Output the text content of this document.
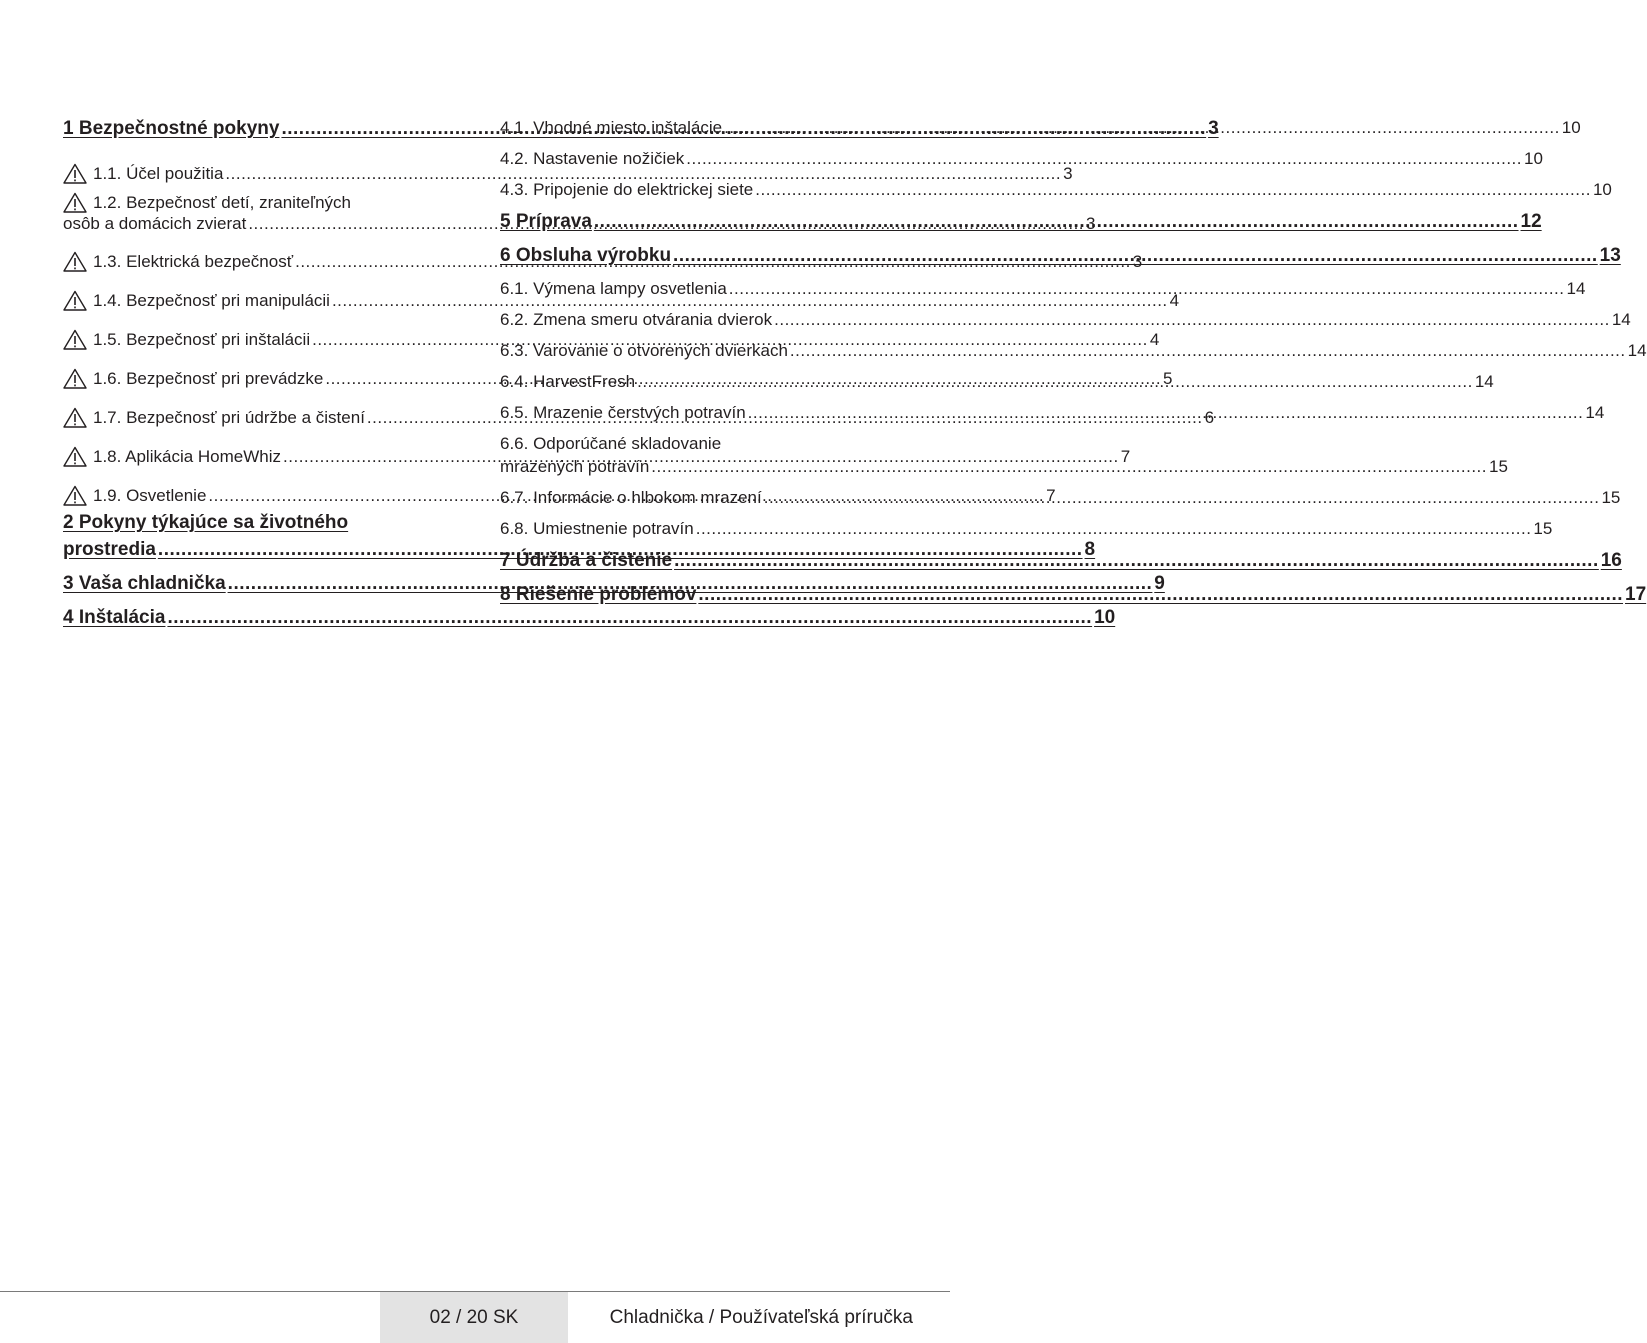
1 Bezpečnostné pokyny .....	3
1.1. Účel použitia .....	3
1.2. Bezpečnosť detí, zraniteľných
osôb a domácich zvierat .....	3
1.3. Elektrická bezpečnosť .....	3
1.4. Bezpečnosť pri manipulácii .....	4
1.5. Bezpečnosť pri inštalácii .....	4
1.6. Bezpečnosť pri prevádzke .....	5
1.7. Bezpečnosť pri údržbe a čistení .....	6
1.8. Aplikácia HomeWhiz .....	7
1.9. Osvetlenie .....	7
2 Pokyny týkajúce sa životného
prostredia .....	8
3 Vaša chladnička .....	9
4 Inštalácia .....	10
4.1. Vhodné miesto inštalácie .....	10
4.2. Nastavenie nožičiek .....	10
4.3. Pripojenie do elektrickej siete .....	10
5 Príprava .....	12
6 Obsluha výrobku .....	13
6.1. Výmena lampy osvetlenia .....	14
6.2. Zmena smeru otvárania dvierok .....	14
6.3. Varovanie o otvorených dvierkach .....	14
6.4. HarvestFresh .....	14
6.5. Mrazenie čerstvých potravín .....	14
6.6. Odporúčané skladovanie
mrazených potravín .....	15
6.7. Informácie o hlbokom mrazení .....	15
6.8. Umiestnenie potravín .....	15
7 Údržba a čistenie .....	16
8 Riešenie problémov .....	17
02 / 20 SK	Chladnička / Používateľská príručka
